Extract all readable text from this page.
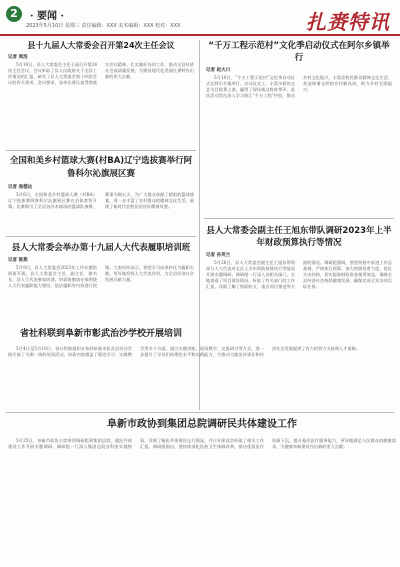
2	· 要闻 ·
2023年5月10日 星期三 责任编辑：XXX 美术编辑：XXX 校对：XXX	扎赉特讯
县十九届人大常委会召开第24次主任会议
记者 周浩

5月10日，县人大常委会主任王福召开第24次主任会议，会议听取了县人民政府关于全县工作情况的汇报，研究了县人大常委会第十四次会议的有关事项。会议要求，各单位要认真贯彻落实会议精神，扎实做好各项工作，推动全县经济社会高质量发展，为建设现代化美丽扎赉特作出新的更大贡献。

全国和美乡村篮球大赛(村BA)辽宁选拔赛举行阿鲁科尔沁旗展区赛
记者 焦德达

5月6日，全国和美乡村篮球大赛（村BA）辽宁选拔赛阿鲁科尔沁旗展区赛在县体育馆开幕。比赛吸引了全县各苏木镇场的篮球队参赛，赛事为期五天，为广大群众奉献了精彩的篮球盛宴，进一步丰富了农村群众的精神文化生活，展现了新时代农牧民的良好精神风貌。

县人大常委会举办第十九届人大代表履职培训班
记者 陈燕

5月9日，县人大常委会2023年工作专题培训班开班，县人大常委会主任、副主任、秘书长，县人大代表参加培训。培训班邀请专家围绕人大代表履职能力建设、依法履职等内容进行授课。大家纷纷表示，将把学习成果转化为履职实践，更好地发挥人大代表作用，为全县经济社会发展贡献力量。

省社科联到阜新市彰武治沙学校开展培训

5月4日至5月10日，省社科联组织专家到阜新市彰武县治沙学校开展了为期一周的培训活动。培训内容涵盖了理论学习、实践教学等多个方面，通过专题讲座、现场教学、交流研讨等方式，进一步提升了学员们的理论水平和实践能力，为推动当地治沙事业和经济社会发展提供了有力的智力支持和人才保障。

“千万工程示范村”文化季启动仪式在阿尔乡镇举行
记者 赵大川

5月10日，“千万工程示范村”文化季启动仪式在阿尔乡镇举行。启动仪式上，丰富多彩的文艺节目轮番上演，赢得了现场观众阵阵掌声。此次活动旨在深入学习浙江“千万工程”经验，推动乡村文化振兴，丰富农牧民群众精神文化生活，营造和谐文明的乡村新风尚，助力乡村全面振兴。

县人大常委会副主任王旭东带队调研2023年上半年财政预算执行等情况
记者 孙英兰

5月26日，县人大常委会副主任王旭东带领部分人大代表对全县上半年财政预算执行等情况开展专题调研。调研组一行深入各相关部门，实地查看了项目建设情况，听取了有关部门的工作汇报，详细了解了财政收支、重点项目推进等方面的情况。调研组强调，要坚持稳中求进工作总基调，严格执行预算，加大财源培育力度，优化支出结构，切实提高财政资金使用效益，保障全县经济社会持续健康发展，确保完成全年各项目标任务。

阜新市政协到集团总院调研民共体建设工作

5月25日，阜新市政协主席带领调研组到集团总院，就医共体建设工作开展专题调研。调研组一行深入集团总院各科室实地察看，详细了解医共体建设运行情况，并召开座谈会听取了相关工作汇报。调研组指出，要持续深化医药卫生体制改革，推动优质医疗资源下沉，提升基层医疗服务能力，更好地满足人民群众的健康需求，为健康阜新建设作出新的更大贡献。
